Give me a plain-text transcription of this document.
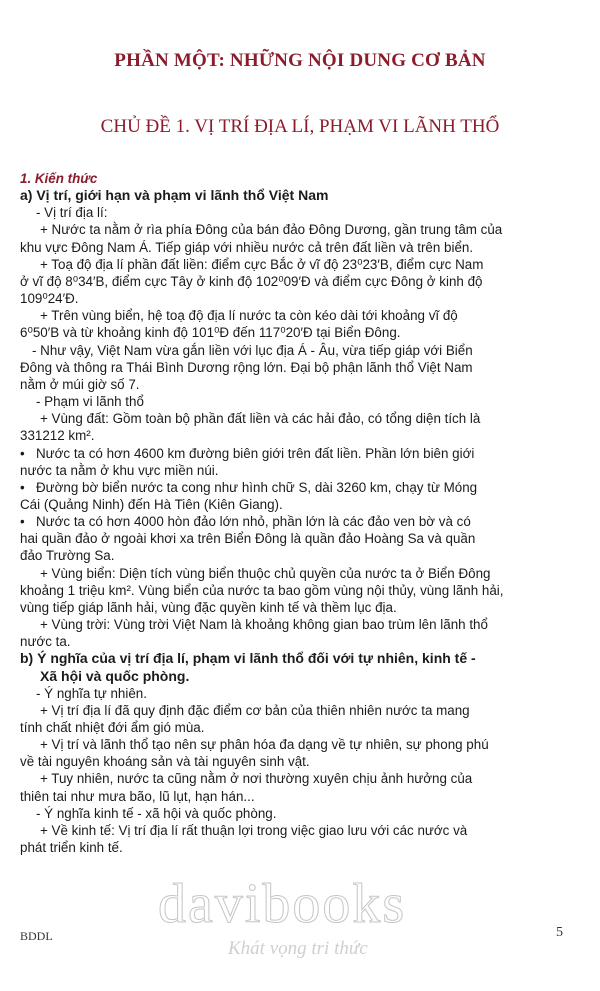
PHẦN MỘT: NHỮNG NỘI DUNG CƠ BẢN
CHỦ ĐỀ 1. VỊ TRÍ ĐỊA LÍ, PHẠM VI LÃNH THỔ
1. Kiến thức
a) Vị trí, giới hạn và phạm vi lãnh thổ Việt Nam
- Vị trí địa lí:
+ Nước ta nằm ở rìa phía Đông của bán đảo Đông Dương, gần trung tâm của
khu vực Đông Nam Á. Tiếp giáp với nhiều nước cả trên đất liền và trên biển.
+ Toạ độ địa lí phần đất liền: điểm cực Bắc ở vĩ độ 23⁰23′B, điểm cực Nam
ở vĩ độ 8⁰34′B, điểm cực Tây ở kinh độ 102⁰09′Đ và điểm cực Đông ở kinh độ
109⁰24′Đ.
+ Trên vùng biển, hệ toạ độ địa lí nước ta còn kéo dài tới khoảng vĩ độ
6⁰50′B và từ khoảng kinh độ 101⁰Đ đến 117⁰20′Đ tại Biển Đông.
- Như vậy, Việt Nam vừa gắn liền với lục địa Á - Âu, vừa tiếp giáp với Biển
Đông và thông ra Thái Bình Dương rộng lớn. Đại bộ phận lãnh thổ Việt Nam
nằm ở múi giờ số 7.
- Phạm vi lãnh thổ
+ Vùng đất: Gồm toàn bộ phần đất liền và các hải đảo, có tổng diện tích là
331212 km².
• Nước ta có hơn 4600 km đường biên giới trên đất liền. Phần lớn biên giới
nước ta nằm ở khu vực miền núi.
• Đường bờ biển nước ta cong như hình chữ S, dài 3260 km, chạy từ Móng
Cái (Quảng Ninh) đến Hà Tiên (Kiên Giang).
• Nước ta có hơn 4000 hòn đảo lớn nhỏ, phần lớn là các đảo ven bờ và có
hai quần đảo ở ngoài khơi xa trên Biển Đông là quần đảo Hoàng Sa và quần
đảo Trường Sa.
+ Vùng biển: Diện tích vùng biển thuộc chủ quyền của nước ta ở Biển Đông
khoảng 1 triệu km². Vùng biển của nước ta bao gồm vùng nội thủy, vùng lãnh hải,
vùng tiếp giáp lãnh hải, vùng đặc quyền kinh tế và thềm lục địa.
+ Vùng trời: Vùng trời Việt Nam là khoảng không gian bao trùm lên lãnh thổ
nước ta.
b) Ý nghĩa của vị trí địa lí, phạm vi lãnh thổ đối với tự nhiên, kinh tế -
Xã hội và quốc phòng.
- Ý nghĩa tự nhiên.
+ Vị trí địa lí đã quy định đặc điểm cơ bản của thiên nhiên nước ta mang
tính chất nhiệt đới ẩm gió mùa.
+ Vị trí và lãnh thổ tạo nên sự phân hóa đa dạng về tự nhiên, sự phong phú
về tài nguyên khoáng sản và tài nguyên sinh vật.
+ Tuy nhiên, nước ta cũng nằm ở nơi thường xuyên chịu ảnh hưởng của
thiên tai như mưa bão, lũ lụt, hạn hán...
- Ý nghĩa kinh tế - xã hội và quốc phòng.
+ Về kinh tế: Vị trí địa lí rất thuận lợi trong việc giao lưu với các nước và
phát triển kinh tế.
davibooks
Khát vọng tri thức
BDDL	5
